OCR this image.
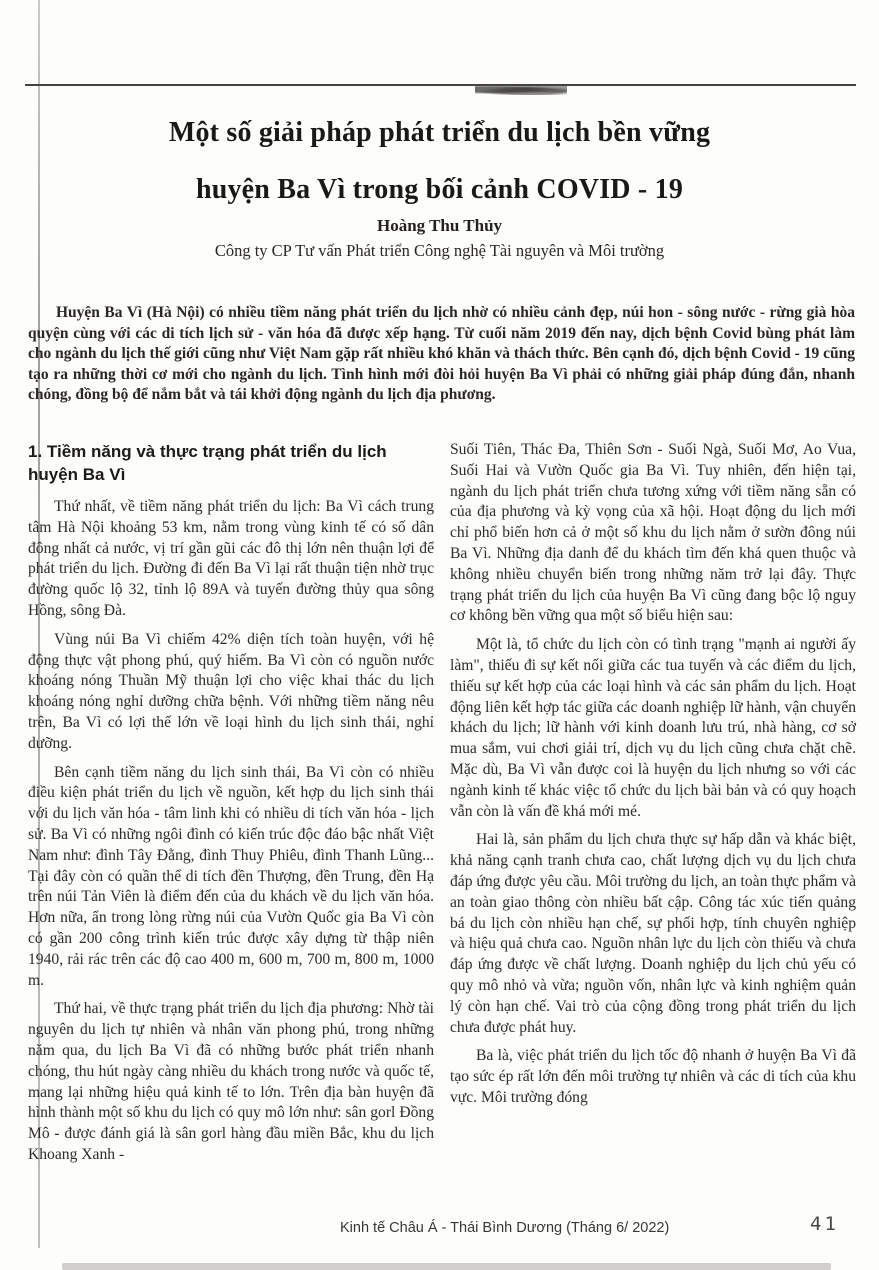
Một số giải pháp phát triển du lịch bền vững
huyện Ba Vì trong bối cảnh COVID - 19
Hoàng Thu Thủy
Công ty CP Tư vấn Phát triển Công nghệ Tài nguyên và Môi trường
Huyện Ba Vì (Hà Nội) có nhiều tiềm năng phát triển du lịch nhờ có nhiều cảnh đẹp, núi hon - sông nước - rừng già hòa quyện cùng với các di tích lịch sử - văn hóa đã được xếp hạng. Từ cuối năm 2019 đến nay, dịch bệnh Covid bùng phát làm cho ngành du lịch thế giới cũng như Việt Nam gặp rất nhiều khó khăn và thách thức. Bên cạnh đó, dịch bệnh Covid - 19 cũng tạo ra những thời cơ mới cho ngành du lịch. Tình hình mới đòi hỏi huyện Ba Vì phải có những giải pháp đúng đắn, nhanh chóng, đồng bộ để nắm bắt và tái khởi động ngành du lịch địa phương.
1. Tiềm năng và thực trạng phát triển du lịch huyện Ba Vì

Thứ nhất, về tiềm năng phát triển du lịch: Ba Vì cách trung tâm Hà Nội khoảng 53 km, nằm trong vùng kinh tế có số dân đông nhất cả nước, vị trí gần gũi các đô thị lớn nên thuận lợi để phát triển du lịch. Đường đi đến Ba Vì lại rất thuận tiện nhờ trục đường quốc lộ 32, tỉnh lộ 89A và tuyến đường thủy qua sông Hồng, sông Đà.

Vùng núi Ba Vì chiếm 42% diện tích toàn huyện, với hệ động thực vật phong phú, quý hiếm. Ba Vì còn có nguồn nước khoáng nóng Thuần Mỹ thuận lợi cho việc khai thác du lịch khoáng nóng nghỉ dưỡng chữa bệnh. Với những tiềm năng nêu trên, Ba Vì có lợi thế lớn về loại hình du lịch sinh thái, nghỉ dưỡng.

Bên cạnh tiềm năng du lịch sinh thái, Ba Vì còn có nhiều điều kiện phát triển du lịch về nguồn, kết hợp du lịch sinh thái với du lịch văn hóa - tâm linh khi có nhiều di tích văn hóa - lịch sử. Ba Vì có những ngôi đình có kiến trúc độc đáo bậc nhất Việt Nam như: đình Tây Đằng, đình Thuy Phiêu, đình Thanh Lũng... Tại đây còn có quần thể di tích đền Thượng, đền Trung, đền Hạ trên núi Tản Viên là điểm đến của du khách về du lịch văn hóa. Hơn nữa, ẩn trong lòng rừng núi của Vườn Quốc gia Ba Vì còn có gần 200 công trình kiến trúc được xây dựng từ thập niên 1940, rải rác trên các độ cao 400 m, 600 m, 700 m, 800 m, 1000 m.

Thứ hai, về thực trạng phát triển du lịch địa phương: Nhờ tài nguyên du lịch tự nhiên và nhân văn phong phú, trong những năm qua, du lịch Ba Vì đã có những bước phát triển nhanh chóng, thu hút ngày càng nhiều du khách trong nước và quốc tế, mang lại những hiệu quả kinh tế to lớn. Trên địa bàn huyện đã hình thành một số khu du lịch có quy mô lớn như: sân gorl Đồng Mô - được đánh giá là sân gorl hàng đầu miền Bắc, khu du lịch Khoang Xanh -

Suối Tiên, Thác Đa, Thiên Sơn - Suối Ngà, Suối Mơ, Ao Vua, Suối Hai và Vườn Quốc gia Ba Vì. Tuy nhiên, đến hiện tại, ngành du lịch phát triển chưa tương xứng với tiềm năng sẵn có của địa phương và kỳ vọng của xã hội. Hoạt động du lịch mới chỉ phổ biến hơn cả ở một số khu du lịch nằm ở sườn đông núi Ba Vì. Những địa danh để du khách tìm đến khá quen thuộc và không nhiều chuyển biến trong những năm trở lại đây. Thực trạng phát triển du lịch của huyện Ba Vì cũng đang bộc lộ nguy cơ không bền vững qua một số biểu hiện sau:

Một là, tổ chức du lịch còn có tình trạng "mạnh ai người ấy làm", thiếu đi sự kết nối giữa các tua tuyến và các điểm du lịch, thiếu sự kết hợp của các loại hình và các sản phẩm du lịch. Hoạt động liên kết hợp tác giữa các doanh nghiệp lữ hành, vận chuyển khách du lịch; lữ hành với kinh doanh lưu trú, nhà hàng, cơ sở mua sắm, vui chơi giải trí, dịch vụ du lịch cũng chưa chặt chẽ. Mặc dù, Ba Vì vẫn được coi là huyện du lịch nhưng so với các ngành kinh tế khác việc tổ chức du lịch bài bản và có quy hoạch vẫn còn là vấn đề khá mới mé.

Hai là, sản phẩm du lịch chưa thực sự hấp dẫn và khác biệt, khả năng cạnh tranh chưa cao, chất lượng dịch vụ du lịch chưa đáp ứng được yêu cầu. Môi trường du lịch, an toàn thực phẩm và an toàn giao thông còn nhiều bất cập. Công tác xúc tiến quảng bá du lịch còn nhiều hạn chế, sự phối hợp, tính chuyên nghiệp và hiệu quả chưa cao. Nguồn nhân lực du lịch còn thiếu và chưa đáp ứng được về chất lượng. Doanh nghiệp du lịch chủ yếu có quy mô nhỏ và vừa; nguồn vốn, nhân lực và kinh nghiệm quản lý còn hạn chế. Vai trò của cộng đồng trong phát triển du lịch chưa được phát huy.

Ba là, việc phát triển du lịch tốc độ nhanh ở huyện Ba Vì đã tạo sức ép rất lớn đến môi trường tự nhiên và các di tích của khu vực. Môi trường đóng

Kinh tế Châu Á - Thái Bình Dương (Tháng 6/ 2022)	41
